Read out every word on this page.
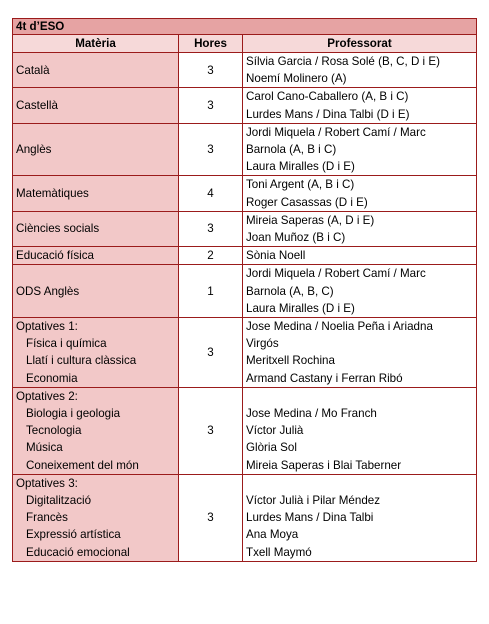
4t d’ESO		
Matèria	Hores	Professorat
Català	3	Sílvia Garcia / Rosa Solé (B, C, D i E)
Noemí Molinero (A)

Castellà	3	Carol Cano-Caballero (A, B i C)
Lurdes Mans / Dina Talbi (D i E)

Anglès	3	Jordi Miquela / Robert Camí / Marc
Barnola (A, B i C)
Laura Miralles (D i E)

Matemàtiques	4	Toni Argent (A, B i C)
Roger Casassas (D i E)

Ciències socials	3	Mireia Saperas (A, D i E)
Joan Muñoz (B i C)

Educació física	2	Sònia Noell

ODS Anglès	1	Jordi Miquela / Robert Camí / Marc
Barnola (A, B, C)
Laura Miralles (D i E)

Optatives 1:
Física i química
Llatí i cultura clàssica
Economia	3	Jose Medina / Noelia Peña i Ariadna
Virgós
Meritxell Rochina
Armand Castany i Ferran Ribó

Optatives 2:
Biologia i geologia
Tecnologia
Música
Coneixement del món	3	Jose Medina / Mo Franch
Víctor Julià
Glòria Sol
Mireia Saperas i Blai Taberner

Optatives 3:
Digitalització
Francès
Expressió artística
Educació emocional	3	Víctor Julià i Pilar Méndez
Lurdes Mans / Dina Talbi
Ana Moya
Txell Maymó
